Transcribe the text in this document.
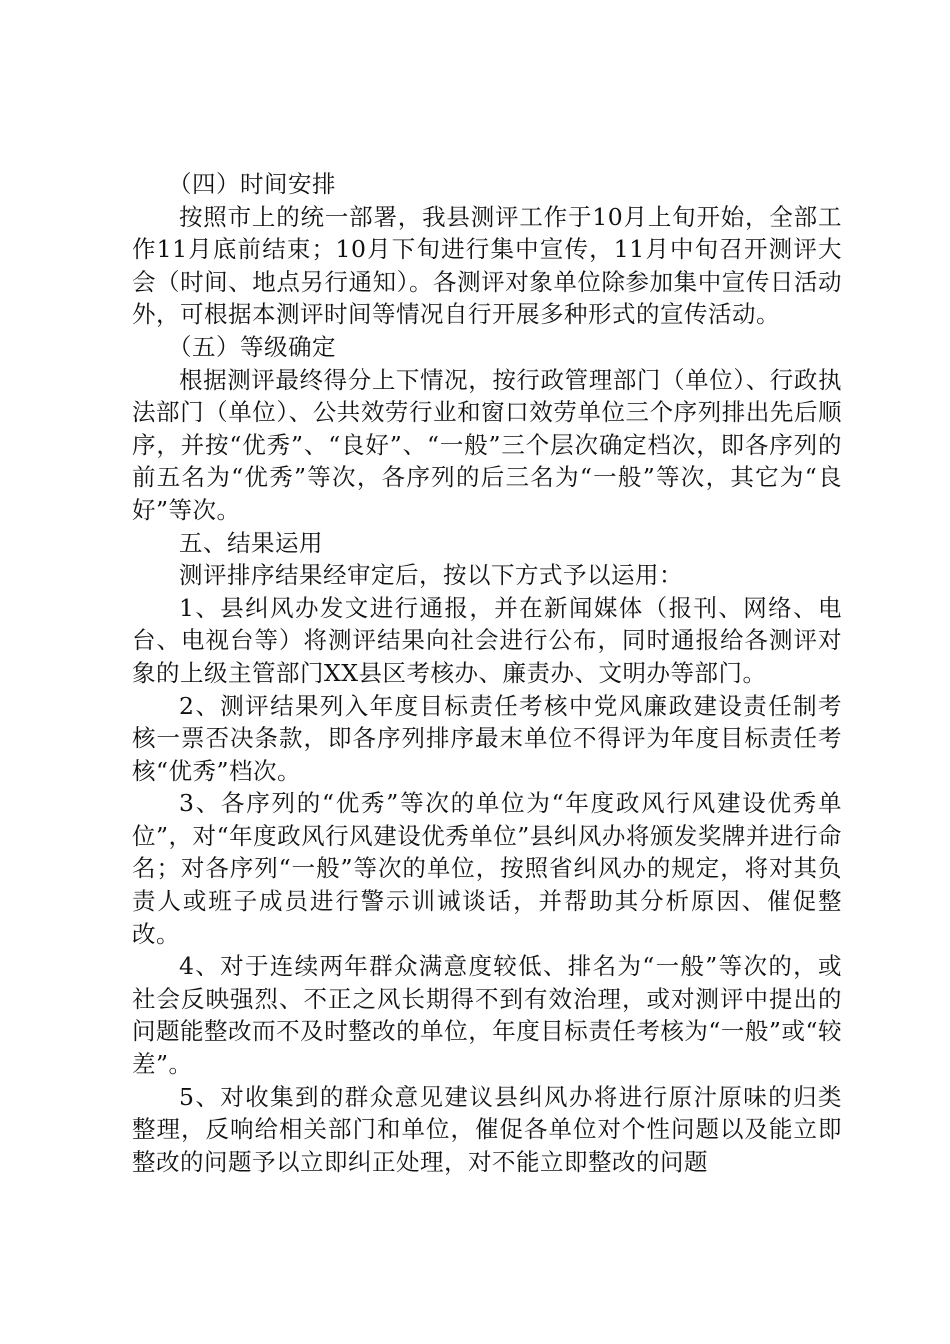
（四）时间安排

按照市上的统一部署，我县测评工作于10月上旬开始，全部工作11月底前结束；10月下旬进行集中宣传，11月中旬召开测评大会（时间、地点另行通知）。各测评对象单位除参加集中宣传日活动外，可根据本测评时间等情况自行开展多种形式的宣传活动。

（五）等级确定

根据测评最终得分上下情况，按行政管理部门（单位）、行政执法部门（单位）、公共效劳行业和窗口效劳单位三个序列排出先后顺序，并按“优秀”、“良好”、“一般”三个层次确定档次，即各序列的前五名为“优秀”等次，各序列的后三名为“一般”等次，其它为“良好”等次。

五、结果运用

测评排序结果经审定后，按以下方式予以运用：

1、县纠风办发文进行通报，并在新闻媒体（报刊、网络、电台、电视台等）将测评结果向社会进行公布，同时通报给各测评对象的上级主管部门XX县区考核办、廉责办、文明办等部门。

2、测评结果列入年度目标责任考核中党风廉政建设责任制考核一票否决条款，即各序列排序最末单位不得评为年度目标责任考核“优秀”档次。

3、各序列的“优秀”等次的单位为“年度政风行风建设优秀单位”，对“年度政风行风建设优秀单位”县纠风办将颁发奖牌并进行命名；对各序列“一般”等次的单位，按照省纠风办的规定，将对其负责人或班子成员进行警示训诫谈话，并帮助其分析原因、催促整改。

4、对于连续两年群众满意度较低、排名为“一般”等次的，或社会反映强烈、不正之风长期得不到有效治理，或对测评中提出的问题能整改而不及时整改的单位，年度目标责任考核为“一般”或“较差”。

5、对收集到的群众意见建议县纠风办将进行原汁原味的归类整理，反响给相关部门和单位，催促各单位对个性问题以及能立即整改的问题予以立即纠正处理，对不能立即整改的问题
